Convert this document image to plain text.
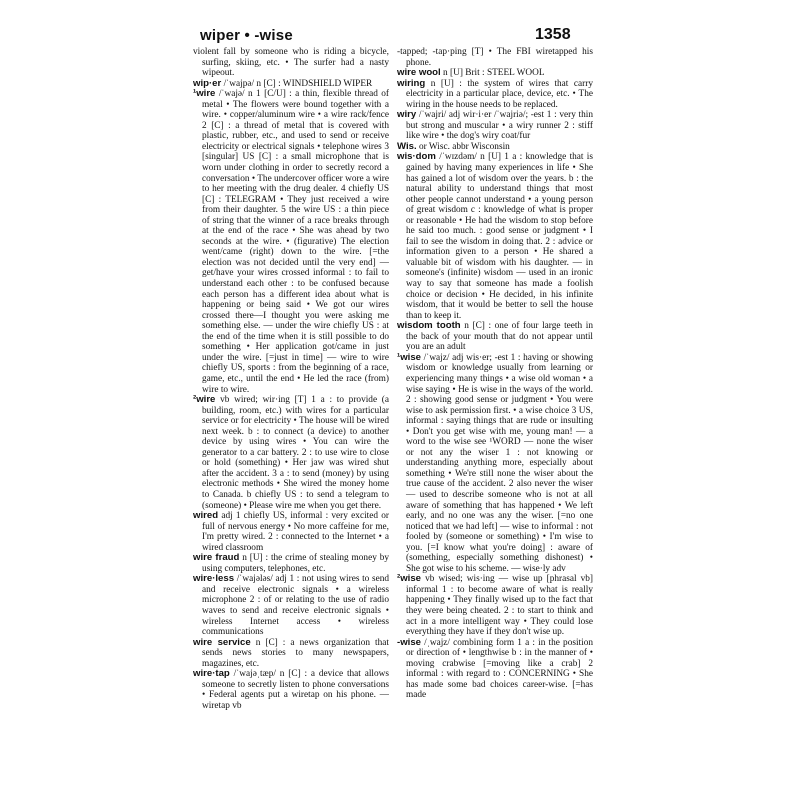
wiper • -wise	1358

violent fall by someone who is riding a bicycle, surfing, skiing, etc. • The surfer had a nasty wipeout.

wip·er /ˈwajpə/ n [C] : WINDSHIELD WIPER

¹wire /ˈwajə/ n 1 [C/U] : a thin, flexible thread of metal • The flowers were bound together with a wire. • copper/aluminum wire • a wire rack/fence 2 [C] : a thread of metal that is covered with plastic, rubber, etc., and used to send or receive electricity or electrical signals • telephone wires 3 [singular] US [C] : a small microphone that is worn under clothing in order to secretly record a conversation • The undercover officer wore a wire to her meeting with the drug dealer. 4 chiefly US [C] : TELEGRAM • They just received a wire from their daughter. 5 the wire US : a thin piece of string that the winner of a race breaks through at the end of the race • She was ahead by two seconds at the wire. • (figurative) The election went/came (right) down to the wire. [=the election was not decided until the very end] — get/have your wires crossed informal : to fail to understand each other : to be confused because each person has a different idea about what is happening or being said • We got our wires crossed there—I thought you were asking me something else. — under the wire chiefly US : at the end of the time when it is still possible to do something • Her application got/came in just under the wire. [=just in time] — wire to wire chiefly US, sports : from the beginning of a race, game, etc., until the end • He led the race (from) wire to wire.

²wire vb wired; wir·ing [T] 1 a : to provide (a building, room, etc.) with wires for a particular service or for electricity • The house will be wired next week. b : to connect (a device) to another device by using wires • You can wire the generator to a car battery. 2 : to use wire to close or hold (something) • Her jaw was wired shut after the accident. 3 a : to send (money) by using electronic methods • She wired the money home to Canada. b chiefly US : to send a telegram to (someone) • Please wire me when you get there.

wired adj 1 chiefly US, informal : very excited or full of nervous energy • No more caffeine for me, I'm pretty wired. 2 : connected to the Internet • a wired classroom

wire fraud n [U] : the crime of stealing money by using computers, telephones, etc.

wire·less /ˈwajələs/ adj 1 : not using wires to send and receive electronic signals • a wireless microphone 2 : of or relating to the use of radio waves to send and receive electronic signals • wireless Internet access • wireless communications

wire service n [C] : a news organization that sends news stories to many newspapers, magazines, etc.

wire·tap /ˈwajəˌtæp/ n [C] : a device that allows someone to secretly listen to phone conversations • Federal agents put a wiretap on his phone. — wiretap vb

-tapped; -tap·ping [T] • The FBI wiretapped his phone.

wire wool n [U] Brit : STEEL WOOL

wiring n [U] : the system of wires that carry electricity in a particular place, device, etc. • The wiring in the house needs to be replaced.

wiry /ˈwajri/ adj wir·i·er /ˈwajriə/; -est 1 : very thin but strong and muscular • a wiry runner 2 : stiff like wire • the dog's wiry coat/fur

Wis. or Wisc. abbr Wisconsin

wis·dom /ˈwɪzdəm/ n [U] 1 a : knowledge that is gained by having many experiences in life • She has gained a lot of wisdom over the years. b : the natural ability to understand things that most other people cannot understand • a young person of great wisdom c : knowledge of what is proper or reasonable • He had the wisdom to stop before he said too much. : good sense or judgment • I fail to see the wisdom in doing that. 2 : advice or information given to a person • He shared a valuable bit of wisdom with his daughter. — in someone's (infinite) wisdom — used in an ironic way to say that someone has made a foolish choice or decision • He decided, in his infinite wisdom, that it would be better to sell the house than to keep it.

wisdom tooth n [C] : one of four large teeth in the back of your mouth that do not appear until you are an adult

¹wise /ˈwajz/ adj wis·er; -est 1 : having or showing wisdom or knowledge usually from learning or experiencing many things • a wise old woman • a wise saying • He is wise in the ways of the world. 2 : showing good sense or judgment • You were wise to ask permission first. • a wise choice 3 US, informal : saying things that are rude or insulting • Don't you get wise with me, young man! — a word to the wise see ¹WORD — none the wiser or not any the wiser 1 : not knowing or understanding anything more, especially about something • We're still none the wiser about the true cause of the accident. 2 also never the wiser — used to describe someone who is not at all aware of something that has happened • We left early, and no one was any the wiser. [=no one noticed that we had left] — wise to informal : not fooled by (someone or something) • I'm wise to you. [=I know what you're doing] : aware of (something, especially something dishonest) • She got wise to his scheme. — wise·ly adv

²wise vb wised; wis·ing — wise up [phrasal vb] informal 1 : to become aware of what is really happening • They finally wised up to the fact that they were being cheated. 2 : to start to think and act in a more intelligent way • They could lose everything they have if they don't wise up.

-wise /ˌwajz/ combining form 1 a : in the position or direction of • lengthwise b : in the manner of • moving crabwise [=moving like a crab] 2 informal : with regard to : CONCERNING • She has made some bad choices career-wise. [=has made
